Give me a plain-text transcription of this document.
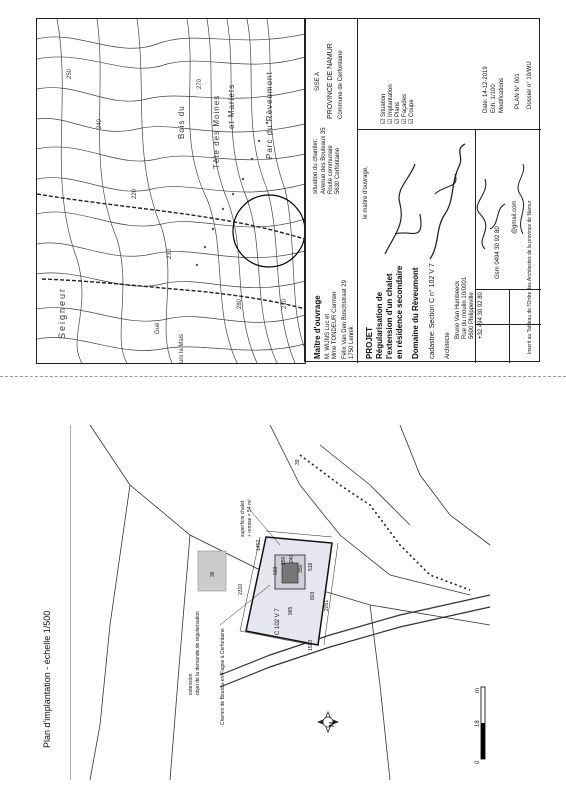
Parc du Rèveumont
Bois du	Tête des Moines et Mariets
Seigneur	Gué
urs la Mais
250
240
220
230
270
280	210	Maître d'ouvrage M. WIJNS Luc et Mme TONDEUR Carmen Félix Van Den Boschstraat 29 1750 Lennik
situation du chantier: Avenue des Bouleaux 35 Route communale 5630 Cerfontaine
SISE A PROVINCE DE NAMUR Commune de Cerfontaine
☑ Situation
☑ Implantation
☑ Plans
☑ Façades
☑ Coupe
PROJET Régularisation de l'extension d'un chalet en résidence secondaire Domaine du Rèveumont cadastre: Section C n° 102 V 7
le maître d'ouvrage,
Architecte
Bruno Van Humbeeck Rue du moulin 10/0001 5600 Philippeville +32 494 30 92 80
Gsm 0494 30 92 80
@gmail.com Inscrit au Tableau de l'Ordre des Architectes de la province de Namur
Date: 14-12-2019
Ech. 1/100 Modifications PLAN N° 001
Dossier n° 19/WU
Plan d'implantation - échelle 1/500	N
Chemin de Boussu-en-Fagne à Cerfontaine
extension objet de la demande de régularisation
superficie chalet + remise = 54 m²
C 102 V 7
1452
2310
1513
2051
965
518
803
600
250 240
350
36
39
0
18
m
